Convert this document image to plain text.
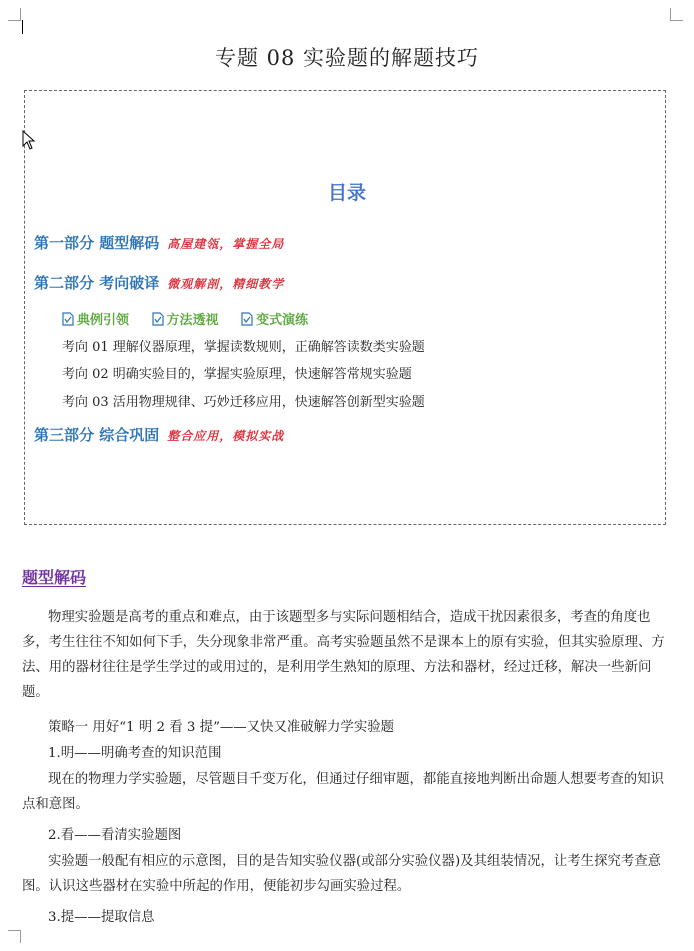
专题 08 实验题的解题技巧
目录
第一部分 题型解码 高屋建瓴，掌握全局
第二部分 考向破译 微观解剖，精细教学
典例引领	方法透视	变式演练
考向 01 理解仪器原理，掌握读数规则，正确解答读数类实验题
考向 02 明确实验目的，掌握实验原理，快速解答常规实验题
考向 03 活用物理规律、巧妙迁移应用，快速解答创新型实验题
第三部分 综合巩固 整合应用，模拟实战
题型解码

物理实验题是高考的重点和难点，由于该题型多与实际问题相结合，造成干扰因素很多，考查的角度也多，考生往往不知如何下手，失分现象非常严重。高考实验题虽然不是课本上的原有实验，但其实验原理、方法、用的器材往往是学生学过的或用过的，是利用学生熟知的原理、方法和器材，经过迁移，解决一些新问题。

策略一 用好“1 明 2 看 3 提”——又快又准破解力学实验题

1.明——明确考查的知识范围

现在的物理力学实验题，尽管题目千变万化，但通过仔细审题，都能直接地判断出命题人想要考查的知识点和意图。

2.看——看清实验题图

实验题一般配有相应的示意图，目的是告知实验仪器(或部分实验仪器)及其组装情况，让考生探究考查意图。认识这些器材在实验中所起的作用，便能初步勾画实验过程。

3.提——提取信息
